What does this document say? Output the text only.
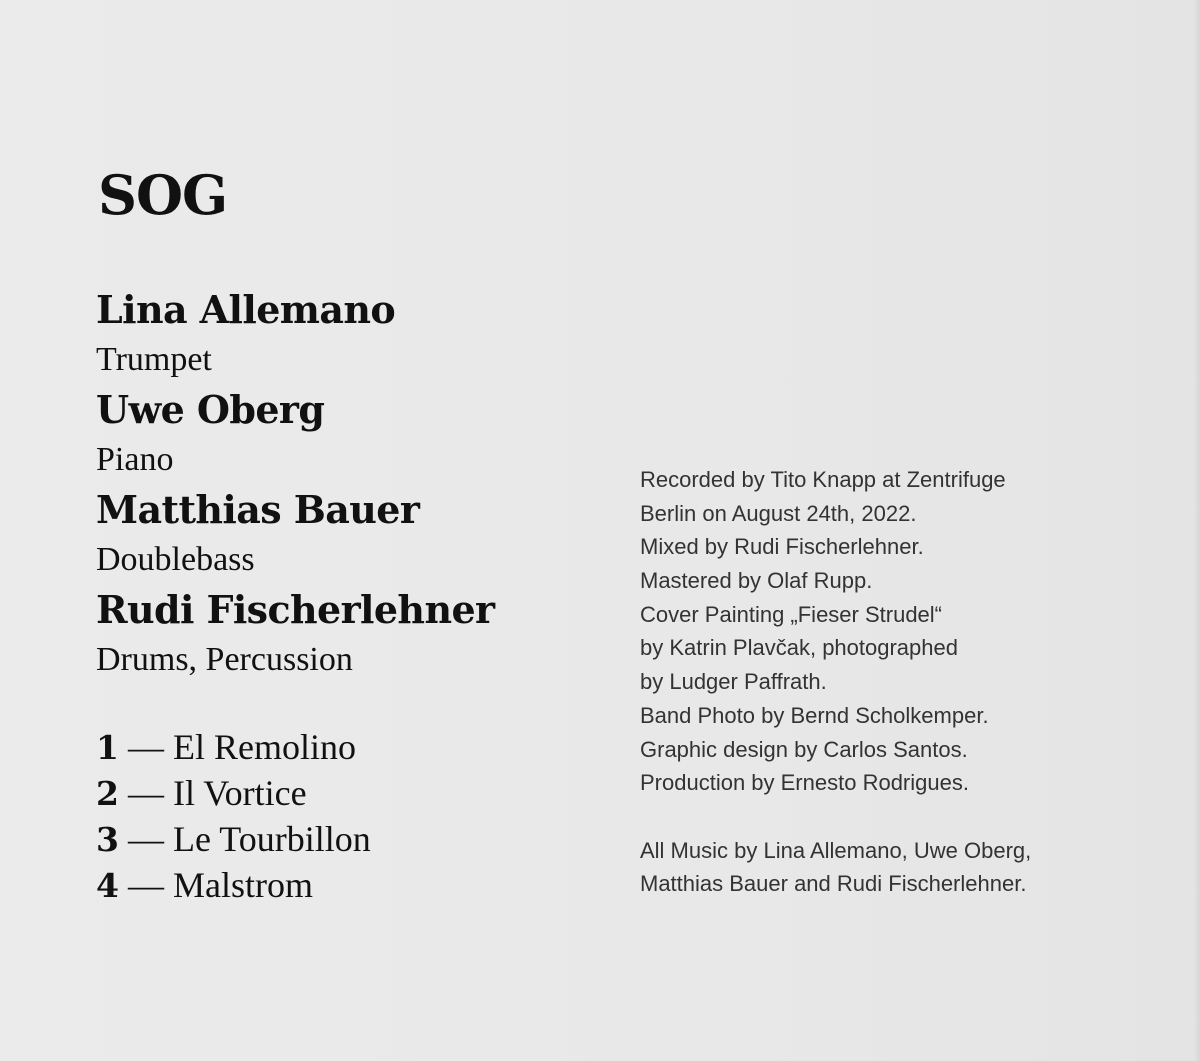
SOG
Lina Allemano
Trumpet
Uwe Oberg
Piano
Matthias Bauer
Doublebass
Rudi Fischerlehner
Drums, Percussion
1 — El Remolino
2 — Il Vortice
3 — Le Tourbillon
4 — Malstrom
Recorded by Tito Knapp at Zentrifuge
Berlin on August 24th, 2022.
Mixed by Rudi Fischerlehner.
Mastered by Olaf Rupp.
Cover Painting „Fieser Strudel“
by Katrin Plavčak, photographed
by Ludger Paffrath.
Band Photo by Bernd Scholkemper.
Graphic design by Carlos Santos.
Production by Ernesto Rodrigues.
All Music by Lina Allemano, Uwe Oberg,
Matthias Bauer and Rudi Fischerlehner.
